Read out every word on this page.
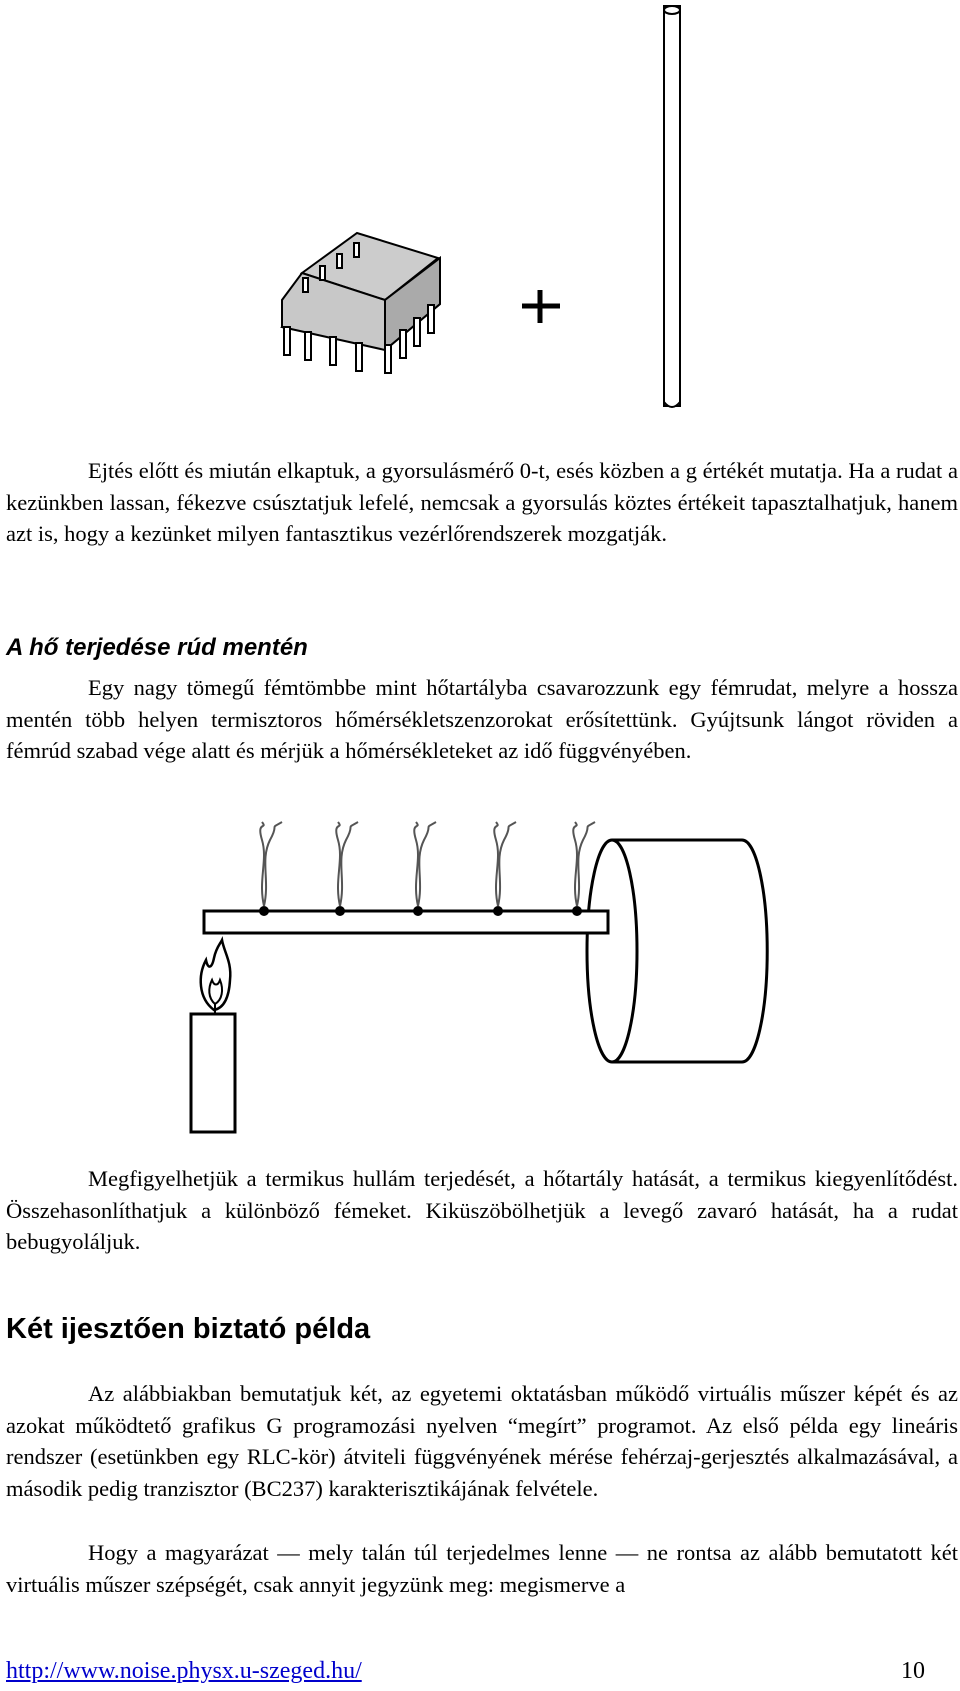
Ejtés előtt és miután elkaptuk, a gyorsulásmérő 0-t, esés közben a g értékét mutatja. Ha a rudat a kezünkben lassan, fékezve csúsztatjuk lefelé, nemcsak a gyorsulás köztes értékeit tapasztalhatjuk, hanem azt is, hogy a kezünket milyen fantasztikus vezérlőrendszerek mozgatják.
A hő terjedése rúd mentén
Egy nagy tömegű fémtömbbe mint hőtartályba csavarozzunk egy fémrudat, melyre a hossza mentén több helyen termisztoros hőmérsékletszenzorokat erősítettünk. Gyújtsunk lángot röviden a fémrúd szabad vége alatt és mérjük a hőmérsékleteket az idő függvényében.
Megfigyelhetjük a termikus hullám terjedését, a hőtartály hatását, a termikus kiegyenlítődést. Összehasonlíthatjuk a különböző fémeket. Kiküszöbölhetjük a levegő zavaró hatását, ha a rudat bebugyoláljuk.
Két ijesztően biztató példa
Az alábbiakban bemutatjuk két, az egyetemi oktatásban működő virtuális műszer képét és az azokat működtető grafikus G programozási nyelven “megírt” programot. Az első példa egy lineáris rendszer (esetünkben egy RLC-kör) átviteli függvényének mérése fehérzaj-gerjesztés alkalmazásával, a második pedig tranzisztor (BC237) karakterisztikájának felvétele.
Hogy a magyarázat — mely talán túl terjedelmes lenne — ne rontsa az alább bemutatott két virtuális műszer szépségét, csak annyit jegyzünk meg: megismerve a
http://www.noise.physx.u-szeged.hu/	10
